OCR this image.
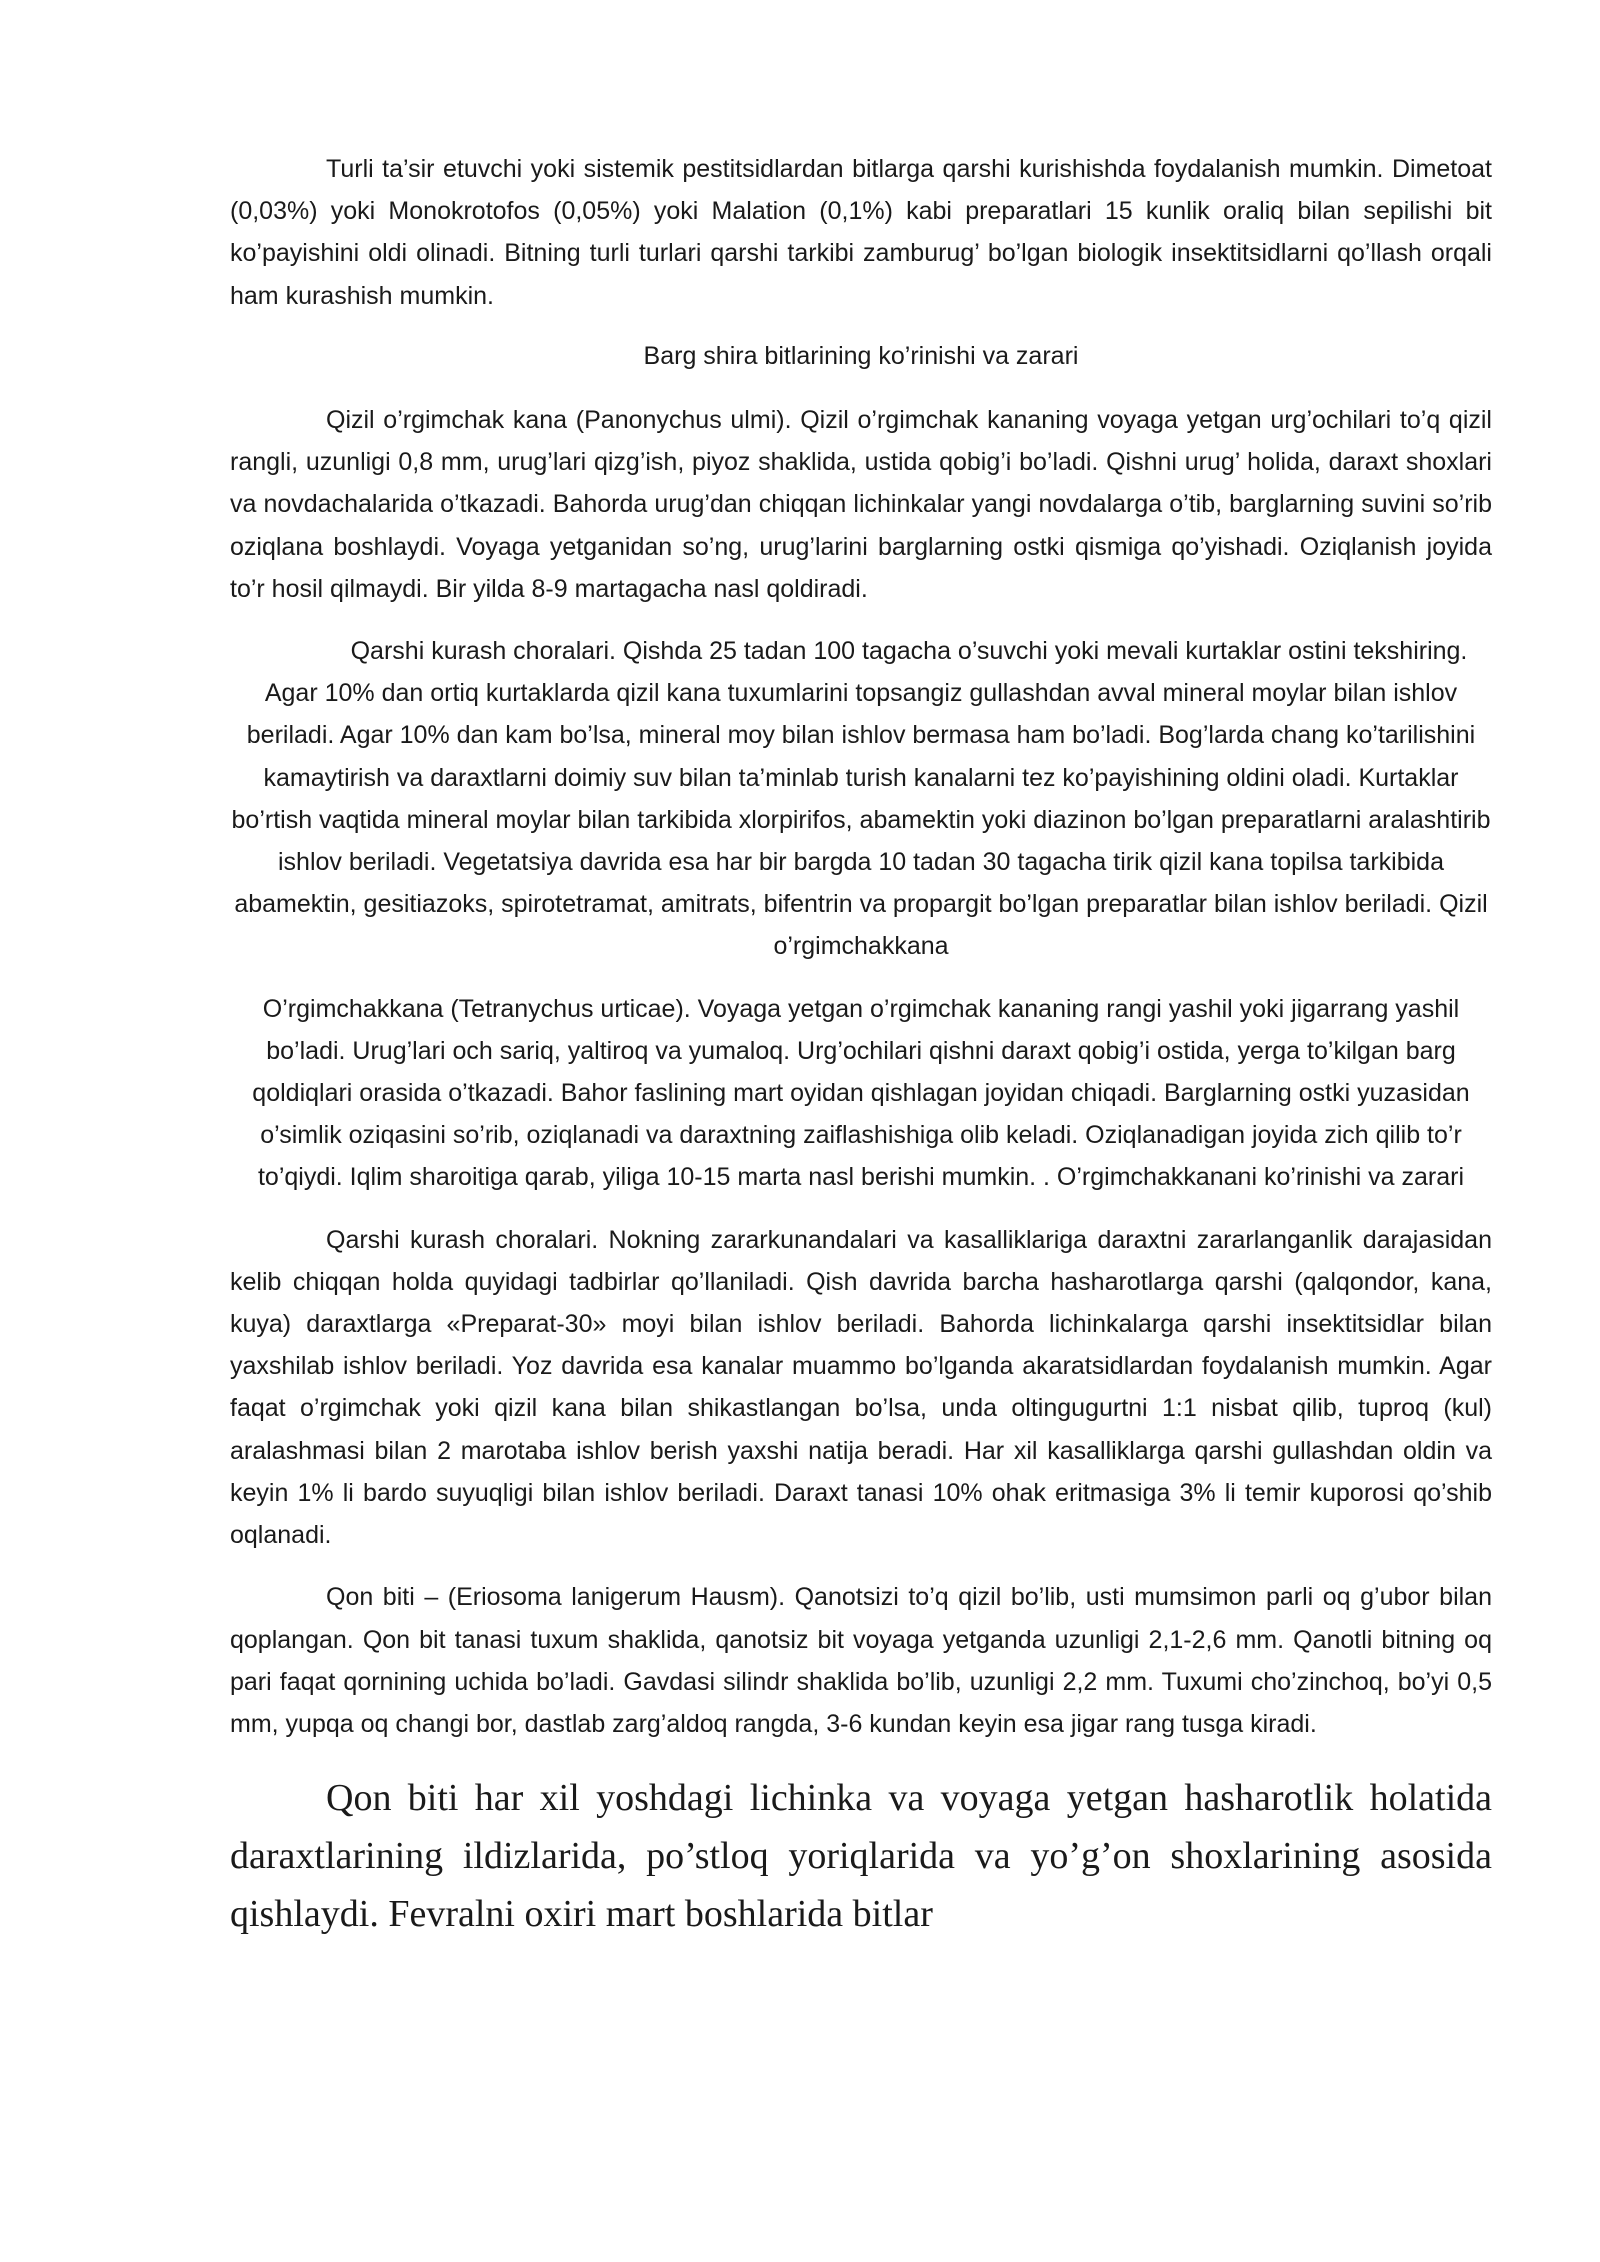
Turli ta’sir etuvchi yoki sistemik pestitsidlardan bitlarga qarshi kurishishda foydalanish mumkin. Dimetoat (0,03%) yoki Monokrotofos (0,05%) yoki Malation (0,1%) kabi preparatlari 15 kunlik oraliq bilan sepilishi bit ko’payishini oldi olinadi. Bitning turli turlari qarshi tarkibi zamburug’ bo’lgan biologik insektitsidlarni qo’llash orqali ham kurashish mumkin.

Barg shira bitlarining ko’rinishi va zarari

Qizil o’rgimchak kana (Panonychus ulmi). Qizil o’rgimchak kananing voyaga yetgan urg’ochilari to’q qizil rangli, uzunligi 0,8 mm, urug’lari qizg’ish, piyoz shaklida, ustida qobig’i bo’ladi. Qishni urug’ holida, daraxt shoxlari va novdachalarida o’tkazadi. Bahorda urug’dan chiqqan lichinkalar yangi novdalarga o’tib, barglarning suvini so’rib oziqlana boshlaydi. Voyaga yetganidan so’ng, urug’larini barglarning ostki qismiga qo’yishadi. Oziqlanish joyida to’r hosil qilmaydi. Bir yilda 8-9 martagacha nasl qoldiradi.

Qarshi kurash choralari. Qishda 25 tadan 100 tagacha o’suvchi yoki mevali kurtaklar ostini tekshiring. Agar 10% dan ortiq kurtaklarda qizil kana tuxumlarini topsangiz gullashdan avval mineral moylar bilan ishlov beriladi. Agar 10% dan kam bo’lsa, mineral moy bilan ishlov bermasa ham bo’ladi. Bog’larda chang ko’tarilishini kamaytirish va daraxtlarni doimiy suv bilan ta’minlab turish kanalarni tez ko’payishining oldini oladi. Kurtaklar bo’rtish vaqtida mineral moylar bilan tarkibida xlorpirifos, abamektin yoki diazinon bo’lgan preparatlarni aralashtirib ishlov beriladi. Vegetatsiya davrida esa har bir bargda 10 tadan 30 tagacha tirik qizil kana topilsa tarkibida abamektin, gesitiazoks, spirotetramat, amitrats, bifentrin va propargit bo’lgan preparatlar bilan ishlov beriladi. Qizil o’rgimchakkana

O’rgimchakkana (Tetranychus urticae). Voyaga yetgan o’rgimchak kananing rangi yashil yoki jigarrang yashil bo’ladi. Urug’lari och sariq, yaltiroq va yumaloq. Urg’ochilari qishni daraxt qobig’i ostida, yerga to’kilgan barg qoldiqlari orasida o’tkazadi. Bahor faslining mart oyidan qishlagan joyidan chiqadi. Barglarning ostki yuzasidan o’simlik oziqasini so’rib, oziqlanadi va daraxtning zaiflashishiga olib keladi. Oziqlanadigan joyida zich qilib to’r to’qiydi. Iqlim sharoitiga qarab, yiliga 10-15 marta nasl berishi mumkin. . O’rgimchakkanani ko’rinishi va zarari

Qarshi kurash choralari. Nokning zararkunandalari va kasalliklariga daraxtni zararlanganlik darajasidan kelib chiqqan holda quyidagi tadbirlar qo’llaniladi. Qish davrida barcha hasharotlarga qarshi (qalqondor, kana, kuya) daraxtlarga «Preparat-30» moyi bilan ishlov beriladi. Bahorda lichinkalarga qarshi insektitsidlar bilan yaxshilab ishlov beriladi. Yoz davrida esa kanalar muammo bo’lganda akaratsidlardan foydalanish mumkin. Agar faqat o’rgimchak yoki qizil kana bilan shikastlangan bo’lsa, unda oltingugurtni 1:1 nisbat qilib, tuproq (kul) aralashmasi bilan 2 marotaba ishlov berish yaxshi natija beradi. Har xil kasalliklarga qarshi gullashdan oldin va keyin 1% li bardo suyuqligi bilan ishlov beriladi. Daraxt tanasi 10% ohak eritmasiga 3% li temir kuporosi qo’shib oqlanadi.

Qon biti – (Eriosoma lanigerum Hausm). Qanotsizi to’q qizil bo’lib, usti mumsimon parli oq g’ubor bilan qoplangan. Qon bit tanasi tuxum shaklida, qanotsiz bit voyaga yetganda uzunligi 2,1-2,6 mm. Qanotli bitning oq pari faqat qornining uchida bo’ladi. Gavdasi silindr shaklida bo’lib, uzunligi 2,2 mm. Tuxumi cho’zinchoq, bo’yi 0,5 mm, yupqa oq changi bor, dastlab zarg’aldoq rangda, 3-6 kundan keyin esa jigar rang tusga kiradi.

Qon biti har xil yoshdagi lichinka va voyaga yetgan hasharotlik holatida daraxtlarining ildizlarida, po’stloq yoriqlarida va yo’g’on shoxlarining asosida qishlaydi. Fevralni oxiri mart boshlarida bitlar
